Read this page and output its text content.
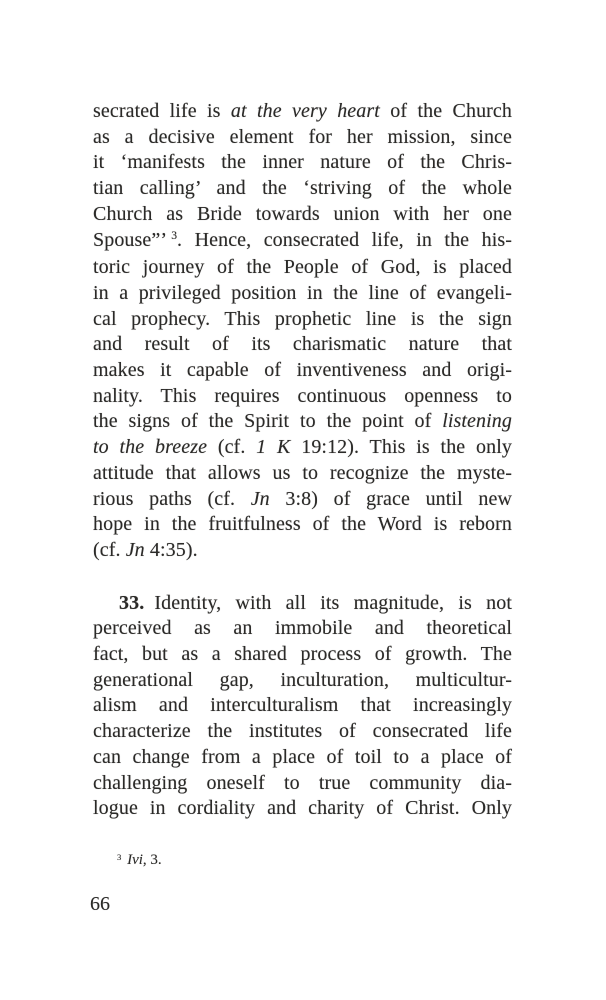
secrated life is at the very heart of the Church
as a decisive element for her mission, since
it ‘manifests the inner nature of the Chris-
tian calling’ and the ‘striving of the whole
Church as Bride towards union with her one
Spouse”’ $^3$. Hence, consecrated life, in the his-
toric journey of the People of God, is placed
in a privileged position in the line of evangeli-
cal prophecy. This prophetic line is the sign
and result of its charismatic nature that
makes it capable of inventiveness and origi-
nality. This requires continuous openness to
the signs of the Spirit to the point of listening
to the breeze (cf. 1 K 19:12). This is the only
attitude that allows us to recognize the myste-
rious paths (cf. Jn 3:8) of grace until new
hope in the fruitfulness of the Word is reborn
(cf. Jn 4:35).
33. Identity, with all its magnitude, is not
perceived as an immobile and theoretical
fact, but as a shared process of growth. The
generational gap, inculturation, multicultur-
alism and interculturalism that increasingly
characterize the institutes of consecrated life
can change from a place of toil to a place of
challenging oneself to true community dia-
logue in cordiality and charity of Christ. Only
$^3$ Ivi, 3.
66
